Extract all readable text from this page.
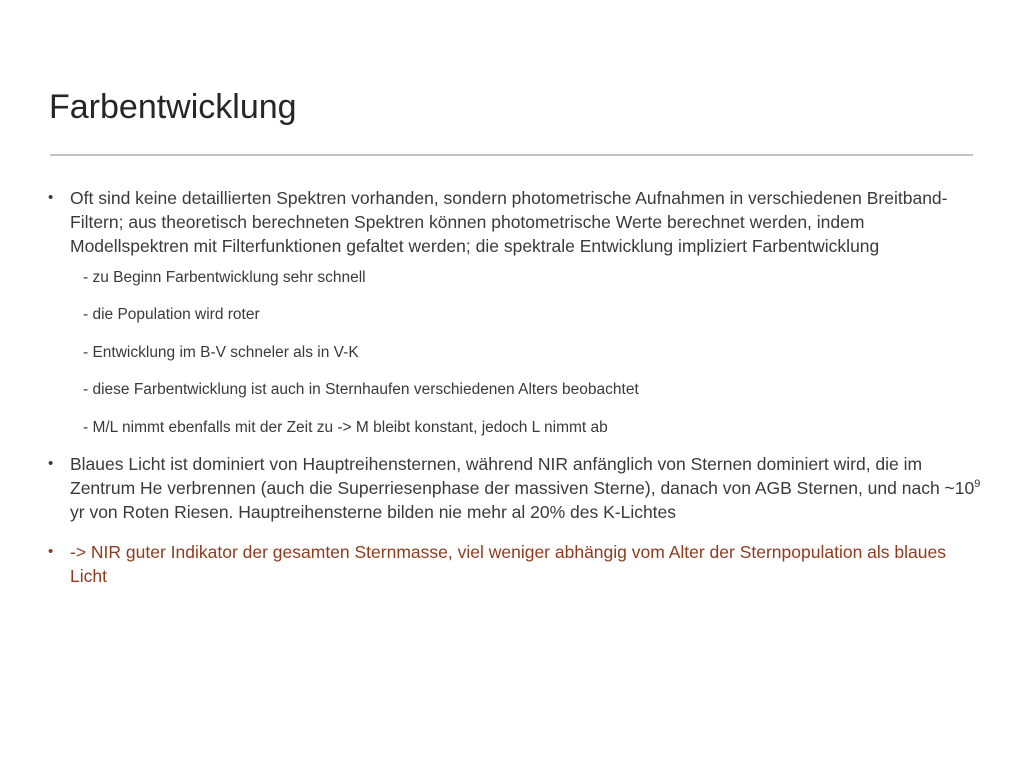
Farbentwicklung
• Oft sind keine detaillierten Spektren vorhanden, sondern photometrische Aufnahmen in verschiedenen Breitband-Filtern; aus theoretisch berechneten Spektren können photometrische Werte berechnet werden, indem Modellspektren mit Filterfunktionen gefaltet werden; die spektrale Entwicklung impliziert Farbentwicklung
- zu Beginn Farbentwicklung sehr schnell
- die Population wird roter
- Entwicklung im B-V schneler als in V-K
- diese Farbentwicklung ist auch in Sternhaufen verschiedenen Alters beobachtet
- M/L nimmt ebenfalls mit der Zeit zu -> M bleibt konstant, jedoch L nimmt ab
• Blaues Licht ist dominiert von Hauptreihensternen, während NIR anfänglich von Sternen dominiert wird, die im Zentrum He verbrennen (auch die Superriesenphase der massiven Sterne), danach von AGB Sternen, und nach $\sim 10^9$ yr von Roten Riesen. Hauptreihensterne bilden nie mehr al 20% des K-Lichtes
• -> NIR guter Indikator der gesamten Sternmasse, viel weniger abhängig vom Alter der Sternpopulation als blaues Licht
